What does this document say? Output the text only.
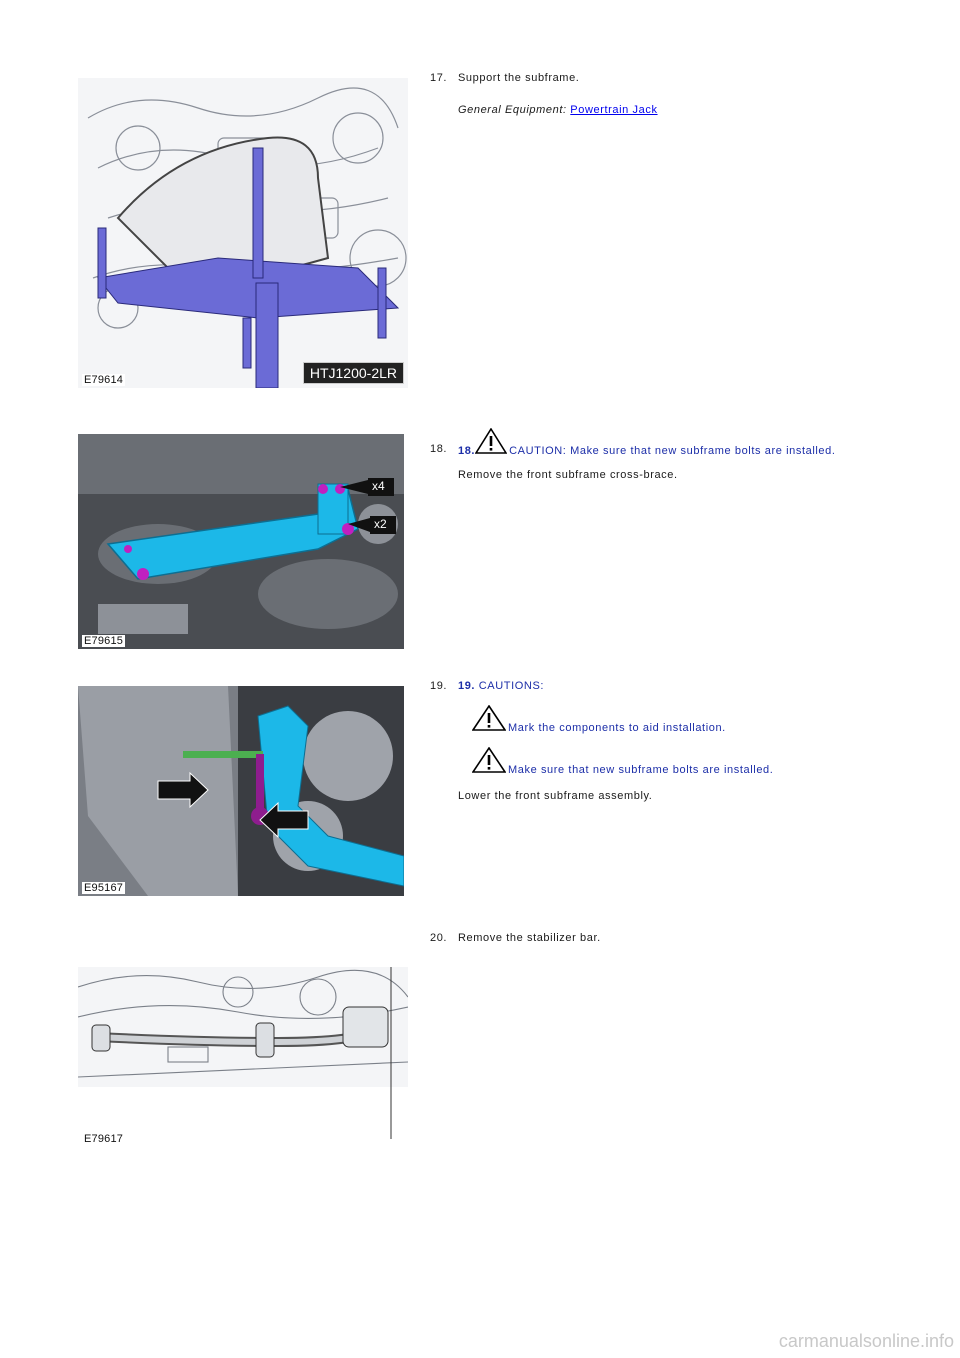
HTJ1200-2LR
E79614
x4
x2
E79615
E95167
E79617
17. Support the subframe.
General Equipment: Powertrain Jack
18. 18.	CAUTION: Make sure that new subframe bolts are installed.
Remove the front subframe cross-brace.
19. 19. CAUTIONS:
Mark the components to aid installation.
Make sure that new subframe bolts are installed.
Lower the front subframe assembly.
20. Remove the stabilizer bar.
carmanualsonline.info
